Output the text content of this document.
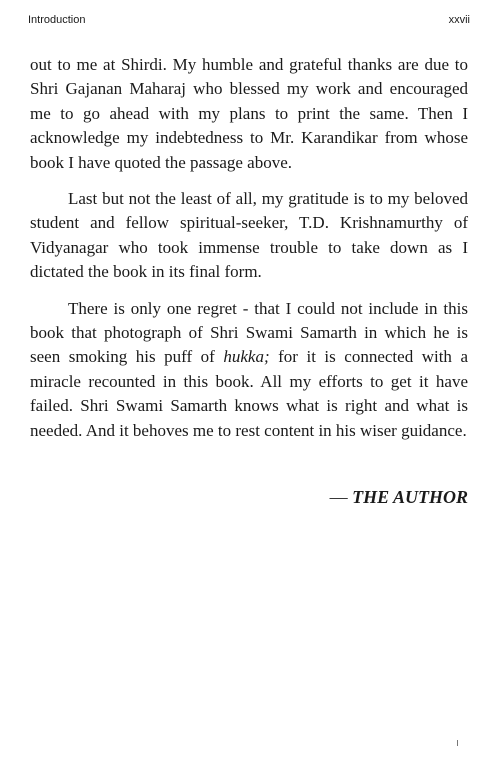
Introduction	xxvii

out to me at Shirdi. My humble and grateful thanks are due to Shri Gajanan Maharaj who blessed my work and encouraged me to go ahead with my plans to print the same. Then I acknowledge my indebtedness to Mr. Karandikar from whose book I have quoted the passage above.

Last but not the least of all, my gratitude is to my beloved student and fellow spiritual-seeker, T.D. Krishnamurthy of Vidyanagar who took immense trouble to take down as I dictated the book in its final form.

There is only one regret - that I could not include in this book that photograph of Shri Swami Samarth in which he is seen smoking his puff of hukka; for it is connected with a miracle recounted in this book. All my efforts to get it have failed. Shri Swami Samarth knows what is right and what is needed. And it behoves me to rest content in his wiser guidance.

— THE AUTHOR
